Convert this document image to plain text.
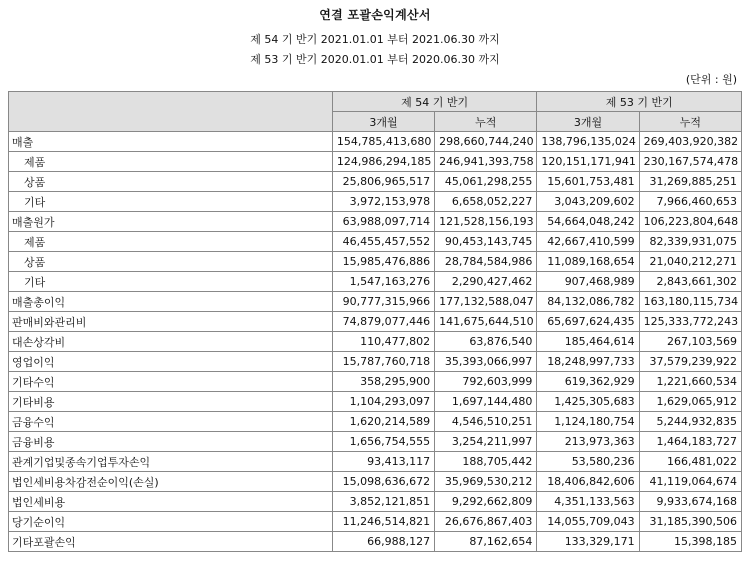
연결 포괄손익계산서
제 54 기 반기 2021.01.01 부터 2021.06.30 까지
제 53 기 반기 2020.01.01 부터 2020.06.30 까지
(단위 : 원)
	제 54 기 반기		제 53 기 반기	
	3개월	누적	3개월	누적
매출	154,785,413,680	298,660,744,240	138,796,135,024	269,403,920,382
제품	124,986,294,185	246,941,393,758	120,151,171,941	230,167,574,478
상품	25,806,965,517	45,061,298,255	15,601,753,481	31,269,885,251
기타	3,972,153,978	6,658,052,227	3,043,209,602	7,966,460,653
매출원가	63,988,097,714	121,528,156,193	54,664,048,242	106,223,804,648
제품	46,455,457,552	90,453,143,745	42,667,410,599	82,339,931,075
상품	15,985,476,886	28,784,584,986	11,089,168,654	21,040,212,271
기타	1,547,163,276	2,290,427,462	907,468,989	2,843,661,302
매출총이익	90,777,315,966	177,132,588,047	84,132,086,782	163,180,115,734
판매비와관리비	74,879,077,446	141,675,644,510	65,697,624,435	125,333,772,243
대손상각비	110,477,802	63,876,540	185,464,614	267,103,569
영업이익	15,787,760,718	35,393,066,997	18,248,997,733	37,579,239,922
기타수익	358,295,900	792,603,999	619,362,929	1,221,660,534
기타비용	1,104,293,097	1,697,144,480	1,425,305,683	1,629,065,912
금융수익	1,620,214,589	4,546,510,251	1,124,180,754	5,244,932,835
금융비용	1,656,754,555	3,254,211,997	213,973,363	1,464,183,727
관계기업및종속기업투자손익	93,413,117	188,705,442	53,580,236	166,481,022
법인세비용차감전순이익(손실)	15,098,636,672	35,969,530,212	18,406,842,606	41,119,064,674
법인세비용	3,852,121,851	9,292,662,809	4,351,133,563	9,933,674,168
당기순이익	11,246,514,821	26,676,867,403	14,055,709,043	31,185,390,506
기타포괄손익	66,988,127	87,162,654	133,329,171	15,398,185
